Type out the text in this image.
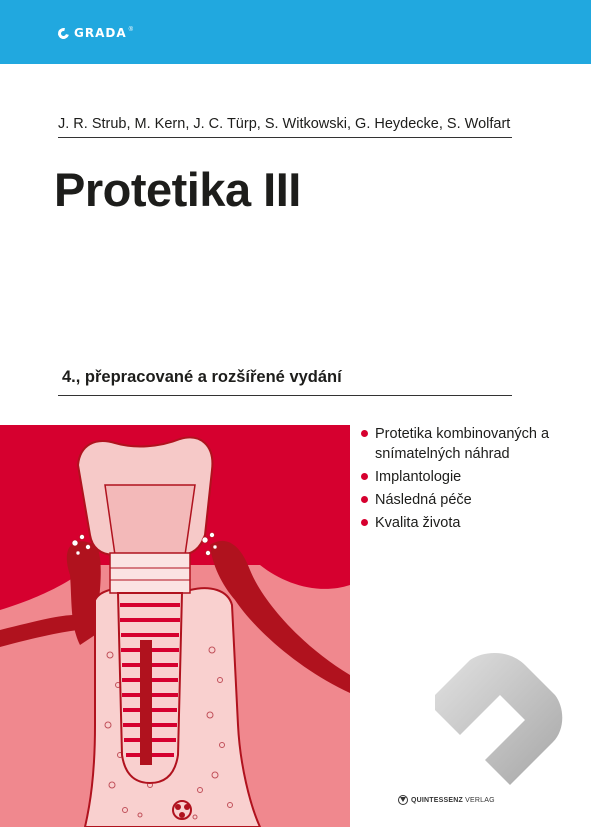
GRADA ®
J. R. Strub, M. Kern, J. C. Türp, S. Witkowski, G. Heydecke, S. Wolfart
Protetika III
4., přepracované a rozšířené vydání
Protetika kombinovaných a snímatelných náhrad
Implantologie
Následná péče
Kvalita života
QUINTESSENZ VERLAG
